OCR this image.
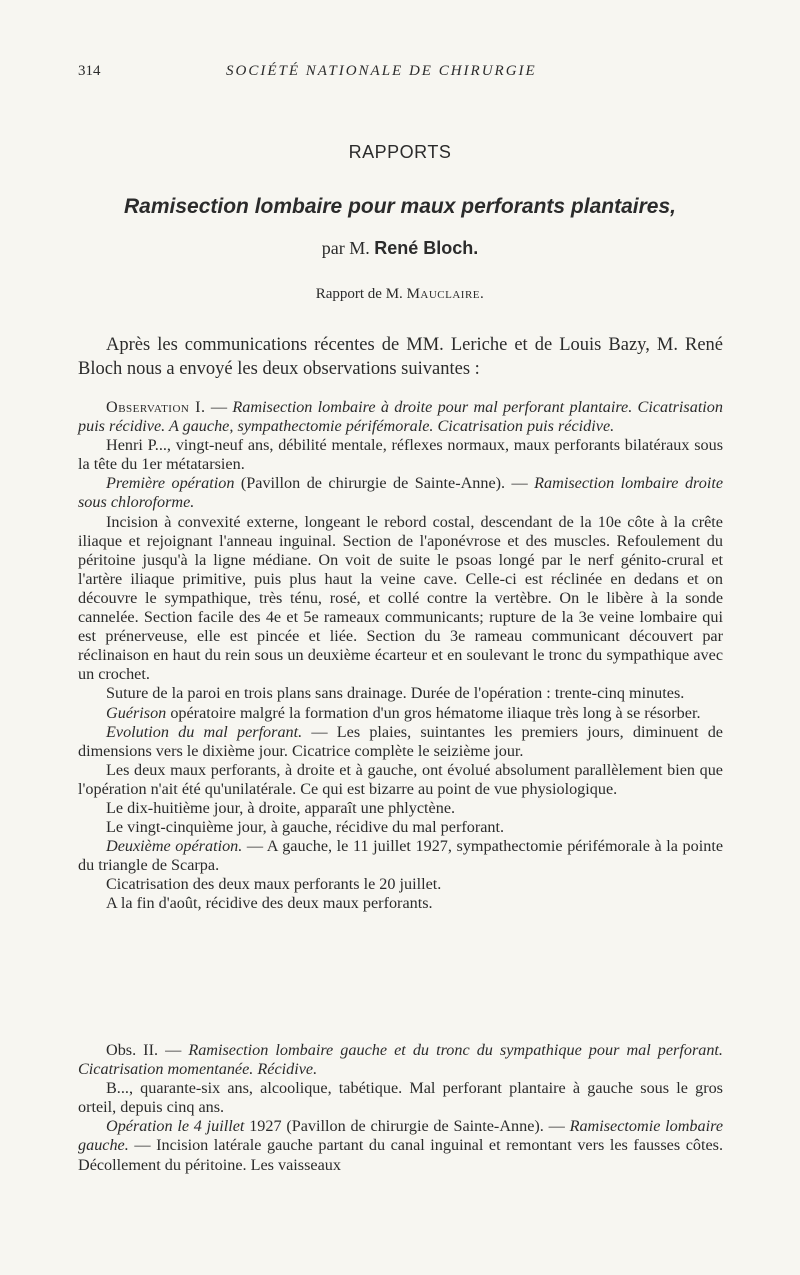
314	SOCIÉTÉ NATIONALE DE CHIRURGIE
RAPPORTS
Ramisection lombaire pour maux perforants plantaires,
par M. René Bloch.
Rapport de M. Mauclaire.

Après les communications récentes de MM. Leriche et de Louis Bazy, M. René Bloch nous a envoyé les deux observations suivantes :

Observation I. — Ramisection lombaire à droite pour mal perforant plantaire. Cicatrisation puis récidive. A gauche, sympathectomie périfémorale. Cicatrisation puis récidive.

Henri P..., vingt-neuf ans, débilité mentale, réflexes normaux, maux perforants bilatéraux sous la tête du 1er métatarsien.

Première opération (Pavillon de chirurgie de Sainte-Anne). — Ramisection lombaire droite sous chloroforme.

Incision à convexité externe, longeant le rebord costal, descendant de la 10e côte à la crête iliaque et rejoignant l'anneau inguinal. Section de l'aponévrose et des muscles. Refoulement du péritoine jusqu'à la ligne médiane. On voit de suite le psoas longé par le nerf génito-crural et l'artère iliaque primitive, puis plus haut la veine cave. Celle-ci est réclinée en dedans et on découvre le sympathique, très ténu, rosé, et collé contre la vertèbre. On le libère à la sonde cannelée. Section facile des 4e et 5e rameaux communicants; rupture de la 3e veine lombaire qui est prénerveuse, elle est pincée et liée. Section du 3e rameau communicant découvert par réclinaison en haut du rein sous un deuxième écarteur et en soulevant le tronc du sympathique avec un crochet.

Suture de la paroi en trois plans sans drainage. Durée de l'opération : trente-cinq minutes.

Guérison opératoire malgré la formation d'un gros hématome iliaque très long à se résorber.

Evolution du mal perforant. — Les plaies, suintantes les premiers jours, diminuent de dimensions vers le dixième jour. Cicatrice complète le seizième jour.

Les deux maux perforants, à droite et à gauche, ont évolué absolument parallèlement bien que l'opération n'ait été qu'unilatérale. Ce qui est bizarre au point de vue physiologique.

Le dix-huitième jour, à droite, apparaît une phlyctène.

Le vingt-cinquième jour, à gauche, récidive du mal perforant.

Deuxième opération. — A gauche, le 11 juillet 1927, sympathectomie périfémorale à la pointe du triangle de Scarpa.

Cicatrisation des deux maux perforants le 20 juillet.

A la fin d'août, récidive des deux maux perforants.

Obs. II. — Ramisection lombaire gauche et du tronc du sympathique pour mal perforant. Cicatrisation momentanée. Récidive.

B..., quarante-six ans, alcoolique, tabétique. Mal perforant plantaire à gauche sous le gros orteil, depuis cinq ans.

Opération le 4 juillet 1927 (Pavillon de chirurgie de Sainte-Anne). — Ramisectomie lombaire gauche. — Incision latérale gauche partant du canal inguinal et remontant vers les fausses côtes. Décollement du péritoine. Les vaisseaux
